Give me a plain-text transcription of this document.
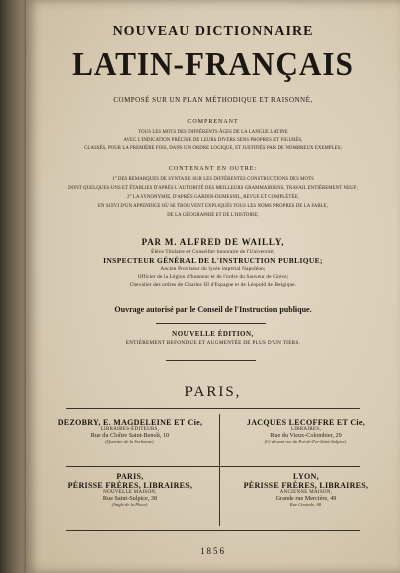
NOUVEAU DICTIONNAIRE
LATIN-FRANÇAIS
COMPOSÉ SUR UN PLAN MÉTHODIQUE ET RAISONNÉ,
COMPRENANT
TOUS LES MOTS DES DIFFÉRENTS ÂGES DE LA LANGUE LATINE
AVEC L'INDICATION PRÉCISE DE LEURS DIVERS SENS PROPRES ET FIGURÉS,
CLASSÉS, POUR LA PREMIÈRE FOIS, DANS UN ORDRE LOGIQUE, ET JUSTIFIÉS PAR DE NOMBREUX EXEMPLES;
CONTENANT EN OUTRE:
1° DES REMARQUES DE SYNTAXE SUR LES DIFFÉRENTES CONSTRUCTIONS DES MOTS
DONT QUELQUES-UNS ET ÉTABLIES D'APRÈS L'AUTORITÉ DES MEILLEURS GRAMMAIRIENS, TRAVAIL ENTIÈREMENT NEUF;
2° LA SYNONYMIE, D'APRÈS GARDIN-DUMESNIL, REVUE ET COMPLÉTÉE;
EN SUIVI D'UN APPENDICE OÙ SE TROUVENT EXPLIQUÉS TOUS LES NOMS PROPRES DE LA FABLE,
DE LA GÉOGRAPHIE ET DE L'HISTOIRE;
PAR M. ALFRED DE WAILLY,
Élève Titulaire et Conseiller honoraire de l'Université;
INSPECTEUR GÉNÉRAL DE L'INSTRUCTION PUBLIQUE;
Ancien Proviseur du lycée impérial Napoléon;
Officier de la Légion d'honneur et de l'ordre du Sauveur de Grèce;
Chevalier des ordres de Charles III d'Espagne et de Léopold de Belgique.
Ouvrage autorisé par le Conseil de l'Instruction publique.
NOUVELLE ÉDITION,
ENTIÈREMENT REFONDUE ET AUGMENTÉE DE PLUS D'UN TIERS.
PARIS,
DEZOBRY, E. MAGDELEINE ET Cie,
LIBRAIRES-ÉDITEURS,
Rue du Cloître Saint-Benoît, 10
(Quartier de la Sorbonne).
JACQUES LECOFFRE ET Cie,
LIBRAIRES,
Rue du Vieux-Colombier, 29
(Ci-devant rue du Pot-de-Fer-Saint-Sulpice).
PARIS,
PÉRISSE FRÈRES, LIBRAIRES,
NOUVELLE MAISON,
Rue Saint-Sulpice, 38
(Angle de la Place).
LYON,
PÉRISSE FRÈRES, LIBRAIRES,
ANCIENNE MAISON,
Grande rue Mercière, 49
Rue Centrale, 68.
1856
